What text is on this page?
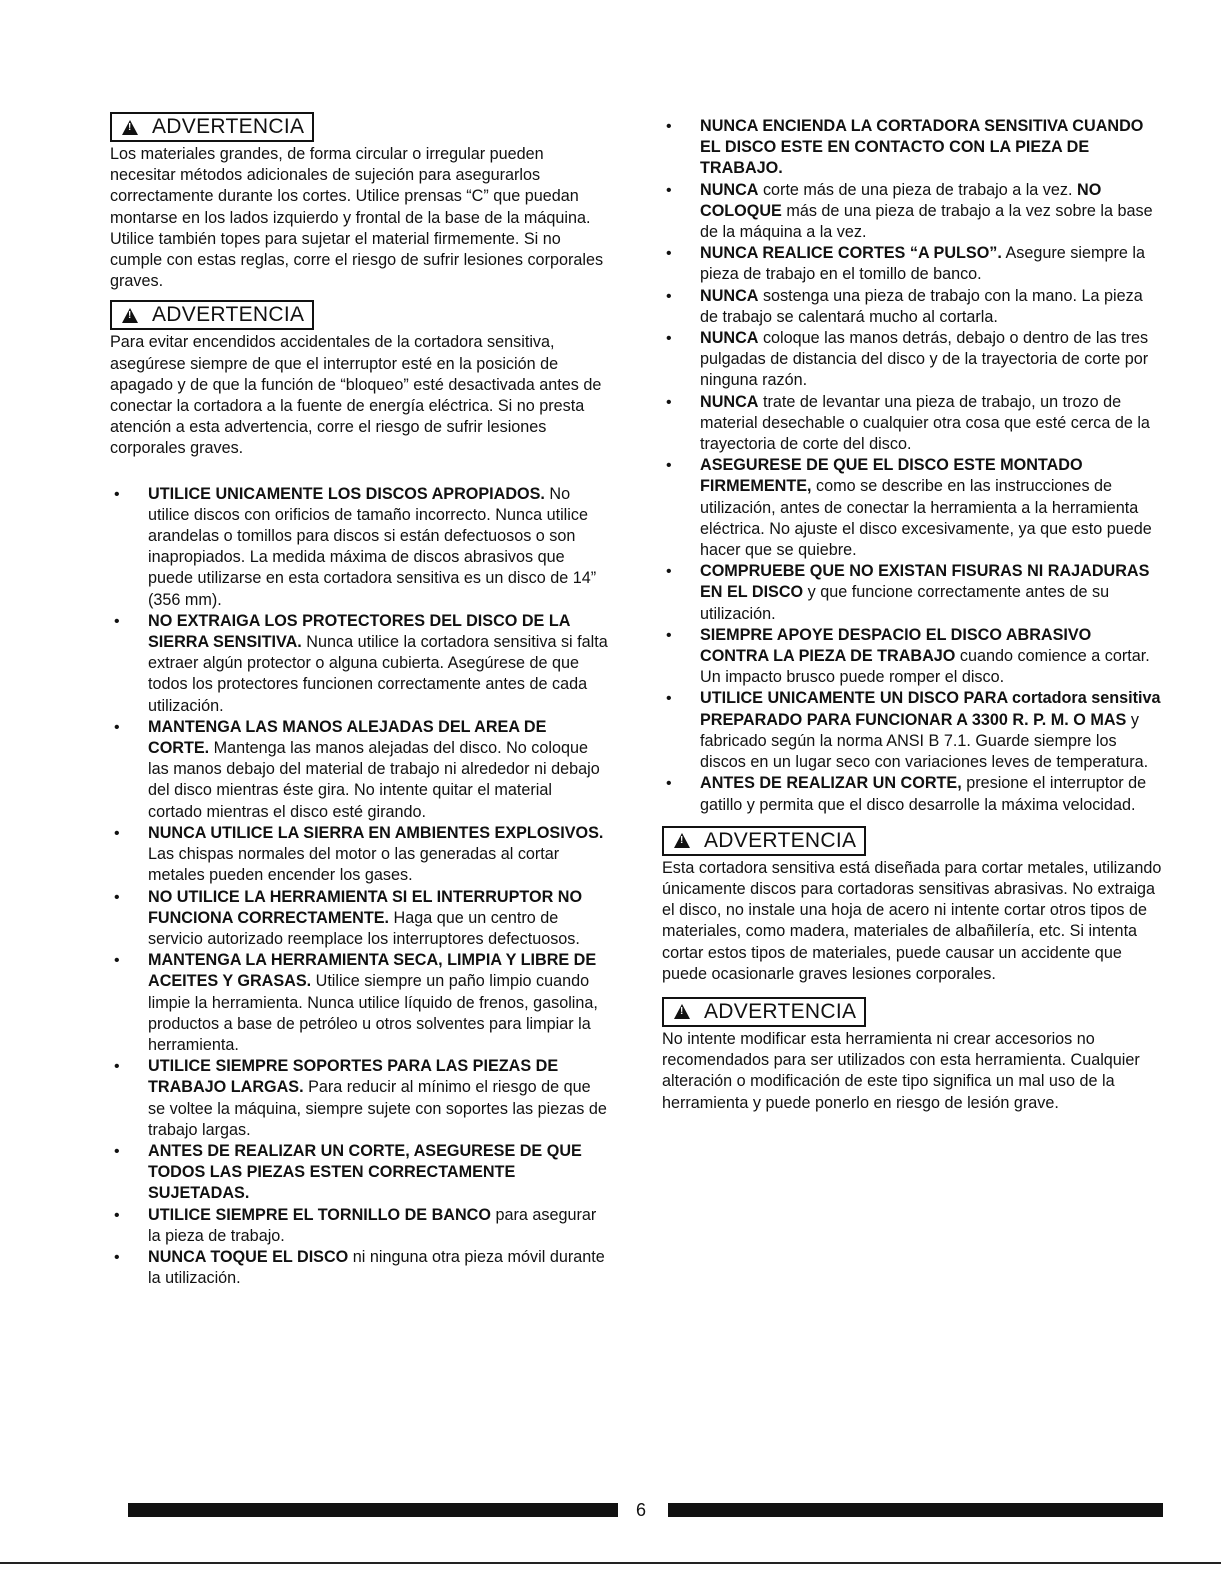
!
ADVERTENCIA

Los materiales grandes, de forma circular o irregular pueden necesitar métodos adicionales de sujeción para asegurarlos correctamente durante los cortes. Utilice prensas “C” que puedan montarse en los lados izquierdo y frontal de la base de la máquina. Utilice también topes para sujetar el material firmemente. Si no cumple con estas reglas, corre el riesgo de sufrir lesiones corporales graves.

!
ADVERTENCIA

Para evitar encendidos accidentales de la cortadora sensitiva, asegúrese siempre de que el interruptor esté en la posición de apagado y de que la función de “bloqueo” esté desactivada antes de conectar la cortadora a la fuente de energía eléctrica. Si no presta atención a esta advertencia, corre el riesgo de sufrir lesiones corporales graves.

• UTILICE UNICAMENTE LOS DISCOS APROPIADOS. No utilice discos con orificios de tamaño incorrecto. Nunca utilice arandelas o tomillos para discos si están defectuosos o son inapropiados. La medida máxima de discos abrasivos que puede utilizarse en esta cortadora sensitiva es un disco de 14” (356 mm).
• NO EXTRAIGA LOS PROTECTORES DEL DISCO DE LA SIERRA SENSITIVA. Nunca utilice la cortadora sensitiva si falta extraer algún protector o alguna cubierta. Asegúrese de que todos los protectores funcionen correctamente antes de cada utilización.
• MANTENGA LAS MANOS ALEJADAS DEL AREA DE CORTE. Mantenga las manos alejadas del disco. No coloque las manos debajo del material de trabajo ni alrededor ni debajo del disco mientras éste gira. No intente quitar el material cortado mientras el disco esté girando.
• NUNCA UTILICE LA SIERRA EN AMBIENTES EXPLOSIVOS. Las chispas normales del motor o las generadas al cortar metales pueden encender los gases.
• NO UTILICE LA HERRAMIENTA SI EL INTERRUPTOR NO FUNCIONA CORRECTAMENTE. Haga que un centro de servicio autorizado reemplace los interruptores defectuosos.
• MANTENGA LA HERRAMIENTA SECA, LIMPIA Y LIBRE DE ACEITES Y GRASAS. Utilice siempre un paño limpio cuando limpie la herramienta. Nunca utilice líquido de frenos, gasolina, productos a base de petróleo u otros solventes para limpiar la herramienta.
• UTILICE SIEMPRE SOPORTES PARA LAS PIEZAS DE TRABAJO LARGAS. Para reducir al mínimo el riesgo de que se voltee la máquina, siempre sujete con soportes las piezas de trabajo largas.
• ANTES DE REALIZAR UN CORTE, ASEGURESE DE QUE TODOS LAS PIEZAS ESTEN CORRECTAMENTE SUJETADAS.
• UTILICE SIEMPRE EL TORNILLO DE BANCO para asegurar la pieza de trabajo.
• NUNCA TOQUE EL DISCO ni ninguna otra pieza móvil durante la utilización.
• NUNCA ENCIENDA LA CORTADORA SENSITIVA CUANDO EL DISCO ESTE EN CONTACTO CON LA PIEZA DE TRABAJO.
• NUNCA corte más de una pieza de trabajo a la vez. NO COLOQUE más de una pieza de trabajo a la vez sobre la base de la máquina a la vez.
• NUNCA REALICE CORTES “A PULSO”. Asegure siempre la pieza de trabajo en el tomillo de banco.
• NUNCA sostenga una pieza de trabajo con la mano. La pieza de trabajo se calentará mucho al cortarla.
• NUNCA coloque las manos detrás, debajo o dentro de las tres pulgadas de distancia del disco y de la trayectoria de corte por ninguna razón.
• NUNCA trate de levantar una pieza de trabajo, un trozo de material desechable o cualquier otra cosa que esté cerca de la trayectoria de corte del disco.
• ASEGURESE DE QUE EL DISCO ESTE MONTADO FIRMEMENTE, como se describe en las instrucciones de utilización, antes de conectar la herramienta a la herramienta eléctrica. No ajuste el disco excesivamente, ya que esto puede hacer que se quiebre.
• COMPRUEBE QUE NO EXISTAN FISURAS NI RAJADURAS EN EL DISCO y que funcione correctamente antes de su utilización.
• SIEMPRE APOYE DESPACIO EL DISCO ABRASIVO CONTRA LA PIEZA DE TRABAJO cuando comience a cortar. Un impacto brusco puede romper el disco.
• UTILICE UNICAMENTE UN DISCO PARA cortadora sensitiva PREPARADO PARA FUNCIONAR A 3300 R. P. M. O MAS y fabricado según la norma ANSI B 7.1. Guarde siempre los discos en un lugar seco con variaciones leves de temperatura.
• ANTES DE REALIZAR UN CORTE, presione el interruptor de gatillo y permita que el disco desarrolle la máxima velocidad.
!
ADVERTENCIA

Esta cortadora sensitiva está diseñada para cortar metales, utilizando únicamente discos para cortadoras sensitivas abrasivas. No extraiga el disco, no instale una hoja de acero ni intente cortar otros tipos de materiales, como madera, materiales de albañilería, etc. Si intenta cortar estos tipos de materiales, puede causar un accidente que puede ocasionarle graves lesiones corporales.

!
ADVERTENCIA

No intente modificar esta herramienta ni crear accesorios no recomendados para ser utilizados con esta herramienta. Cualquier alteración o modificación de este tipo significa un mal uso de la herramienta y puede ponerlo en riesgo de lesión grave.

6
